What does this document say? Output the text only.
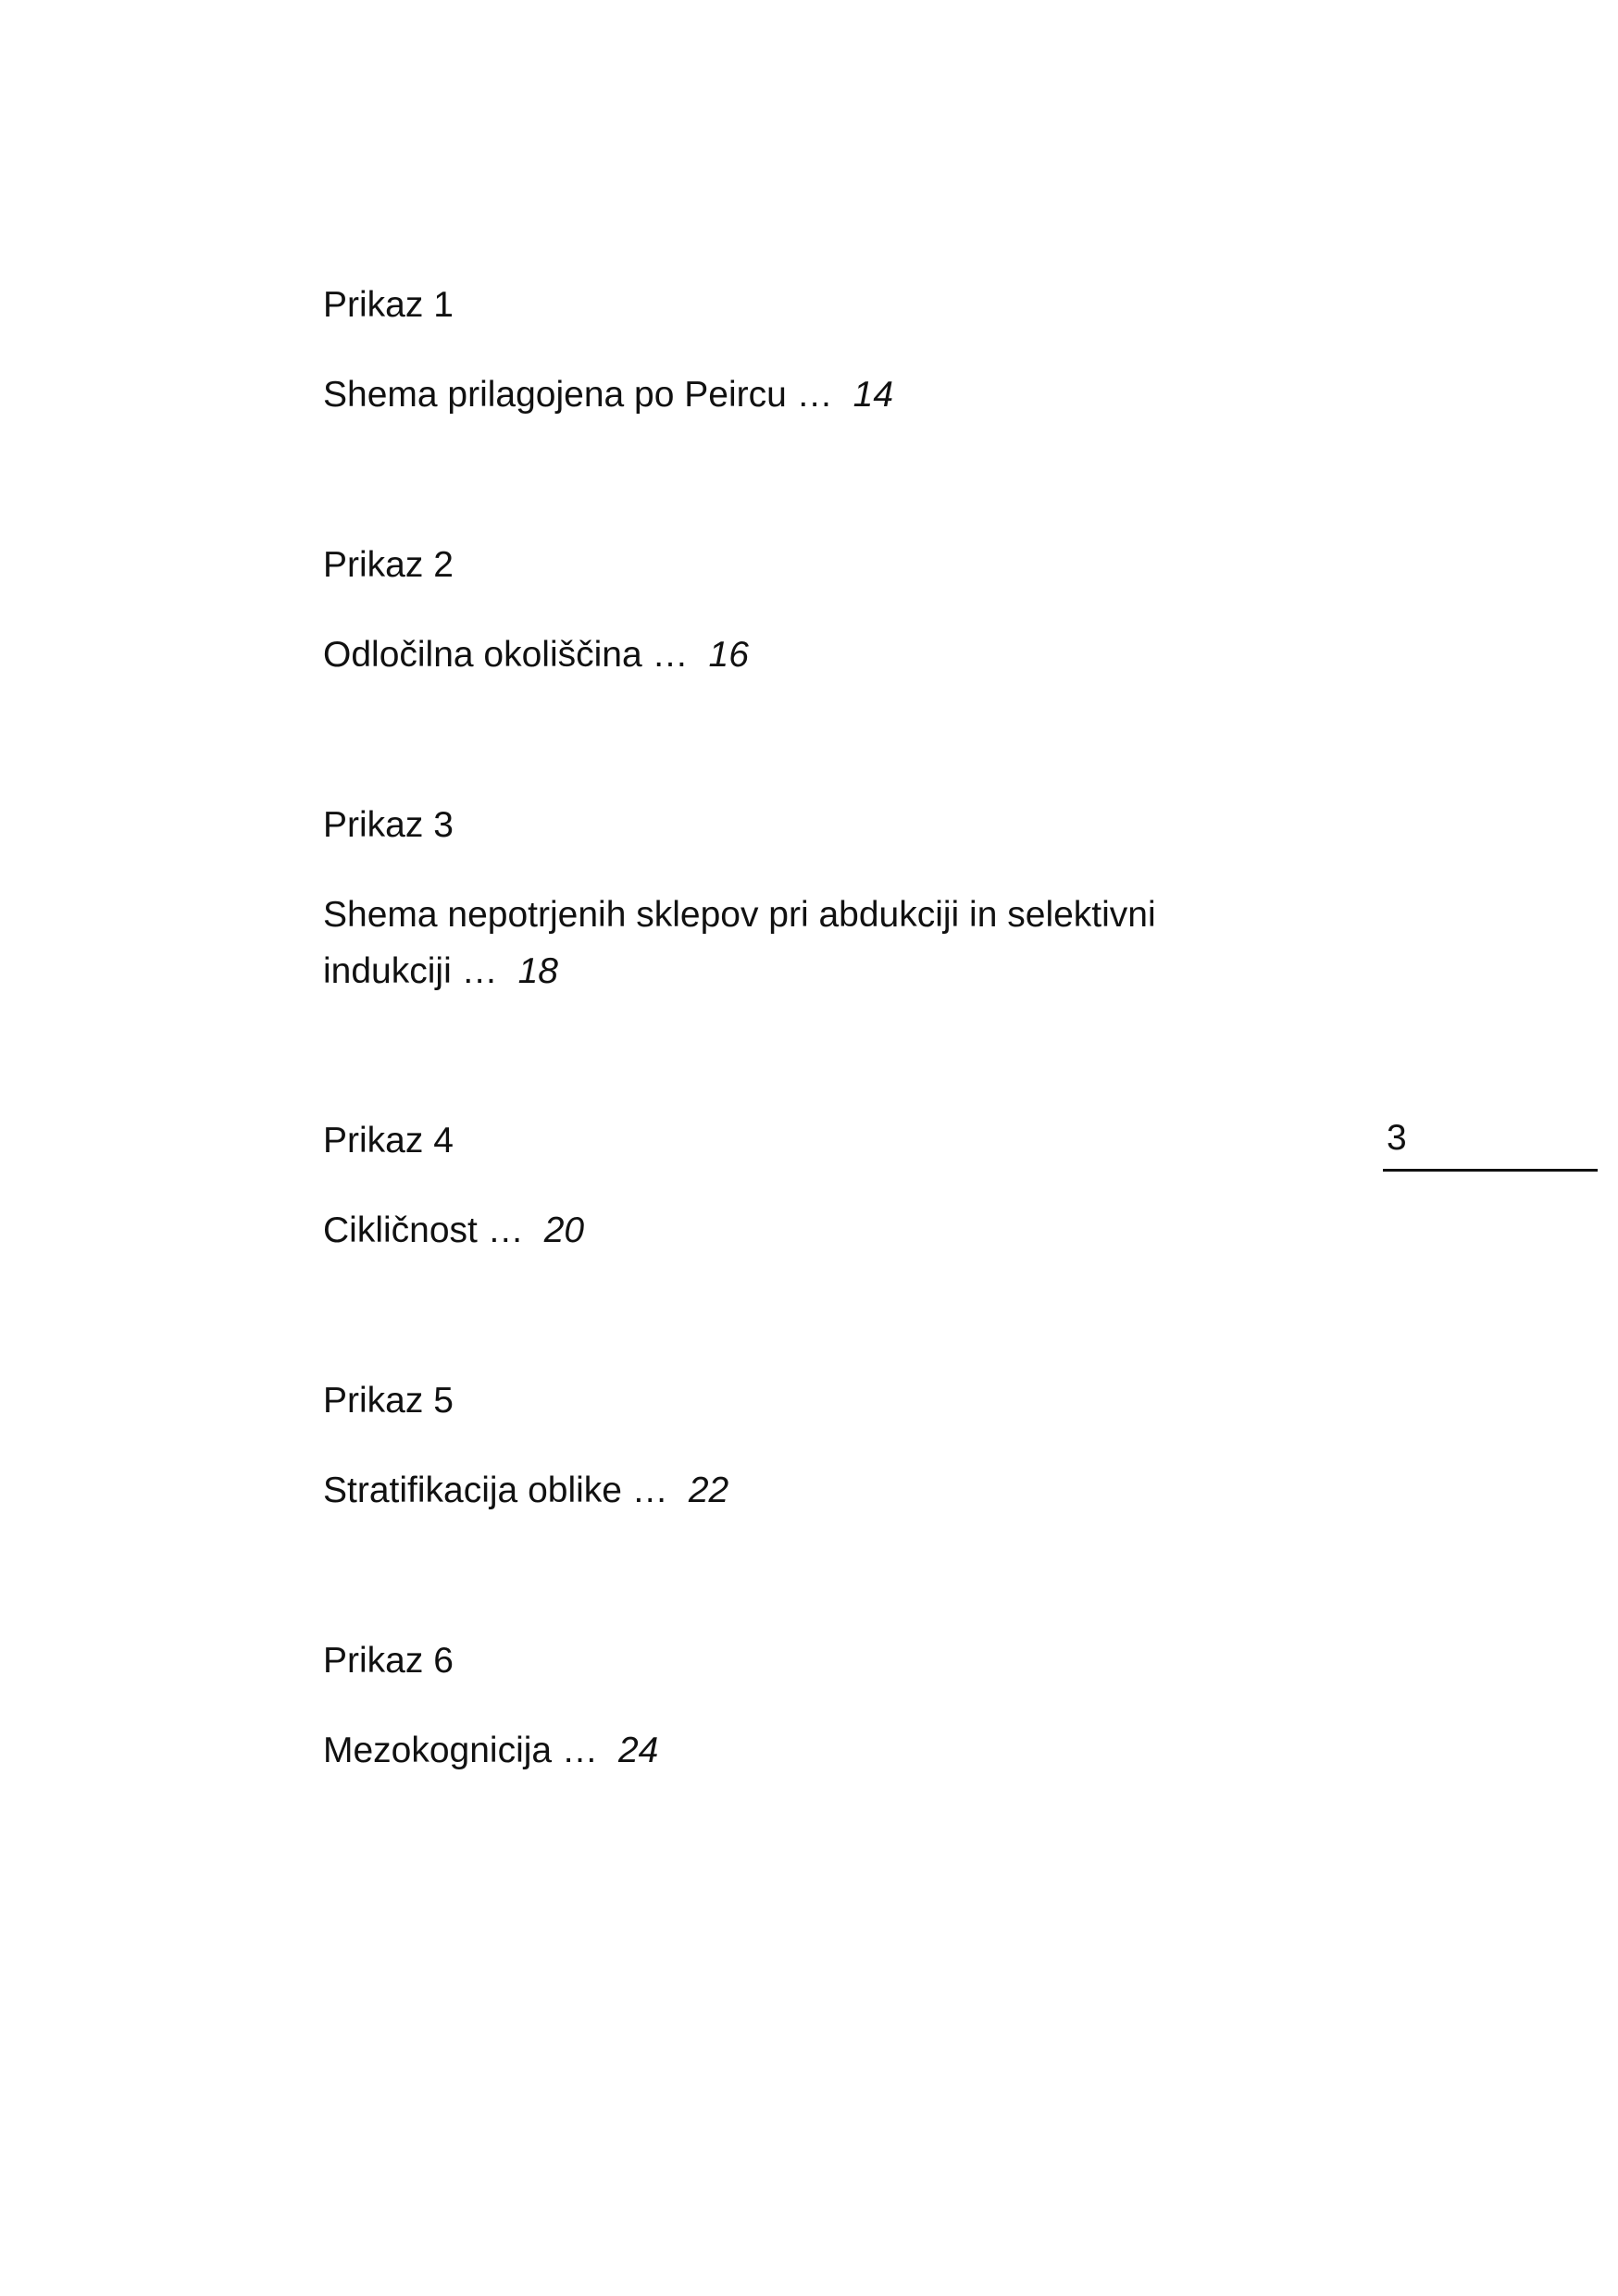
Prikaz 1

Shema prilagojena po Peircu … 14

Prikaz 2

Odločilna okoliščina … 16

Prikaz 3

Shema nepotrjenih sklepov pri abdukciji in selektivni indukciji … 18

Prikaz 4

Cikličnost … 20

Prikaz 5

Stratifikacija oblike … 22

Prikaz 6

Mezokognicija … 24

3
